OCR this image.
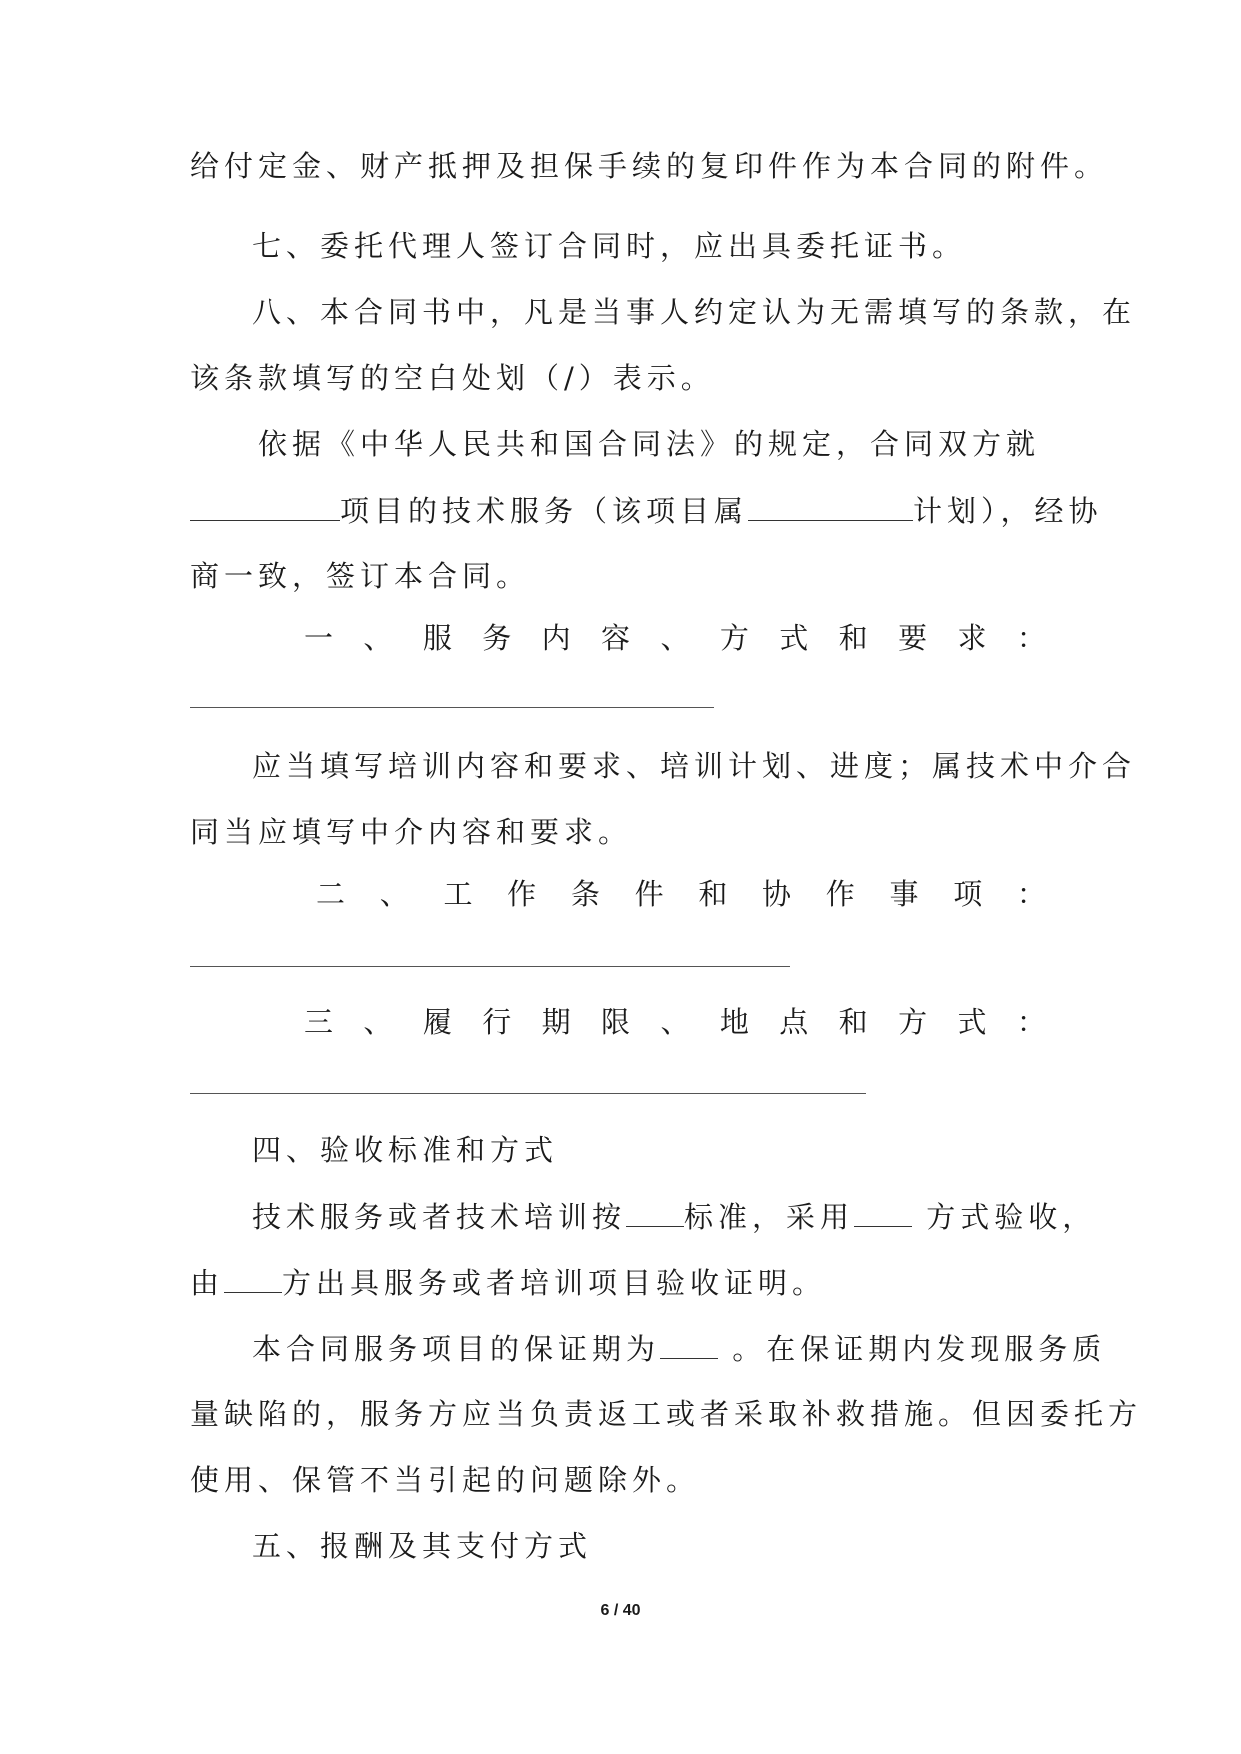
给付定金、财产抵押及担保手续的复印件作为本合同的附件。
七、委托代理人签订合同时，应出具委托证书。
八、本合同书中，凡是当事人约定认为无需填写的条款，在
该条款填写的空白处划（/）表示。
依据《中华人民共和国合同法》的规定，合同双方就
项目的技术服务（该项目属	计划），经协
商一致，签订本合同。
一 、 服 务 内 容 、 方 式 和 要 求 ：
应当填写培训内容和要求、培训计划、进度；属技术中介合
同当应填写中介内容和要求。
二 、 工 作 条 件 和 协 作 事 项 ：
三 、 履 行 期 限 、 地 点 和 方 式 ：
四、验收标准和方式
技术服务或者技术培训按 标准，采用 方式验收，
由 方出具服务或者培训项目验收证明。
本合同服务项目的保证期为 。在保证期内发现服务质
量缺陷的，服务方应当负责返工或者采取补救措施。但因委托方
使用、保管不当引起的问题除外。
五、报酬及其支付方式
6 / 40
